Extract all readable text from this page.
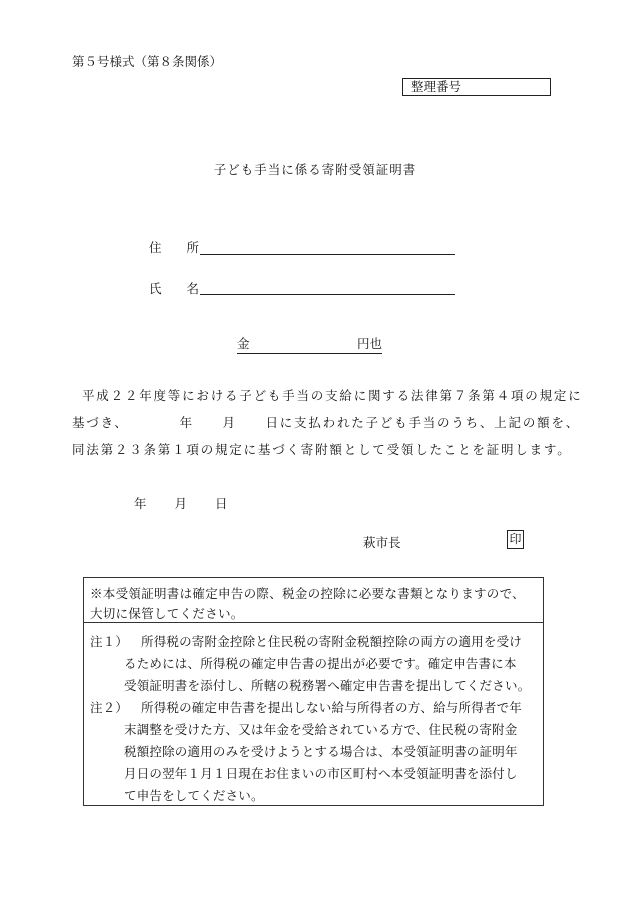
第５号様式（第８条関係）
整理番号
子ども手当に係る寄附受領証明書
住　　所
氏　　名
金	円也
平成２２年度等における子ども手当の支給に関する法律第７条第４項の規定に
基づき、　　　　年　　月　　日に支払われた子ども手当のうち、上記の額を、
同法第２３条第１項の規定に基づく寄附額として受領したことを証明します。
年 月 日
萩市長	印
※本受領証明書は確定申告の際、税金の控除に必要な書類となりますので、
大切に保管してください。
注１） 所得税の寄附金控除と住民税の寄附金税額控除の両方の適用を受け
るためには、所得税の確定申告書の提出が必要です。確定申告書に本
受領証明書を添付し、所轄の税務署へ確定申告書を提出してください。
注２） 所得税の確定申告書を提出しない給与所得者の方、給与所得者で年
末調整を受けた方、又は年金を受給されている方で、住民税の寄附金
税額控除の適用のみを受けようとする場合は、本受領証明書の証明年
月日の翌年１月１日現在お住まいの市区町村へ本受領証明書を添付し
て申告をしてください。
